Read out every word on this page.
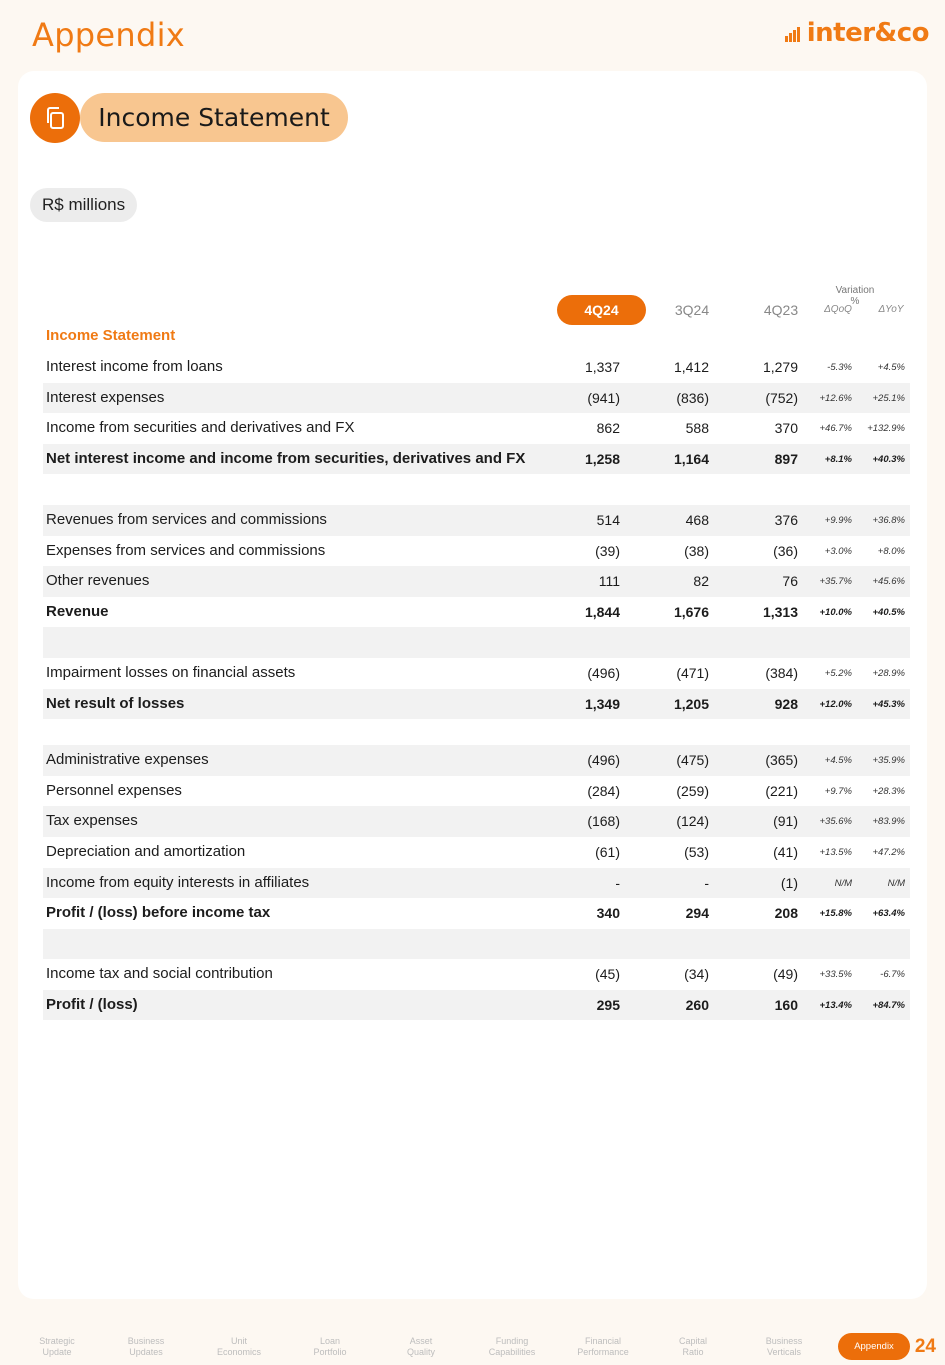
Appendix	inter&co
Income Statement
R$ millions
Variation %
4Q24	3Q24	4Q23	ΔQoQ	ΔYoY
Income Statement
Interest income from loans	1,337	1,412	1,279	-5.3%	+4.5%
Interest expenses	(941)	(836)	(752) +12.6% +25.1%
Income from securities and derivatives and FX	862	588	370 +46.7% +132.9%
Net interest income and income from securities, derivatives and FX	1,258	1,164	897	+8.1% +40.3%
Revenues from services and commissions	514	468	376	+9.9% +36.8%
Expenses from services and commissions	(39)	(38)	(36)	+3.0%	+8.0%
Other revenues	111	82	76 +35.7% +45.6%
Revenue	1,844	1,676	1,313 +10.0% +40.5%
Impairment losses on financial assets	(496)	(471)	(384)	+5.2% +28.9%
Net result of losses	1,349	1,205	928 +12.0% +45.3%
Administrative expenses	(496)	(475)	(365)	+4.5% +35.9%
Personnel expenses	(284)	(259)	(221)	+9.7% +28.3%
Tax expenses	(168)	(124)	(91) +35.6% +83.9%
Depreciation and amortization	(61)	(53)	(41) +13.5% +47.2%
Income from equity interests in affiliates	-	-	(1)	N/M	N/M
Profit / (loss) before income tax	340	294	208 +15.8% +63.4%
Income tax and social contribution	(45)	(34)	(49) +33.5%	-6.7%
Profit / (loss)	295	260	160 +13.4% +84.7%
Strategic
Update
Business
Updates
Unit
Economics
Loan
Portfolio
Asset
Quality
Funding
Capabilities
Financial
Performance
Capital
Ratio
Business
Verticals	Appendix	24
